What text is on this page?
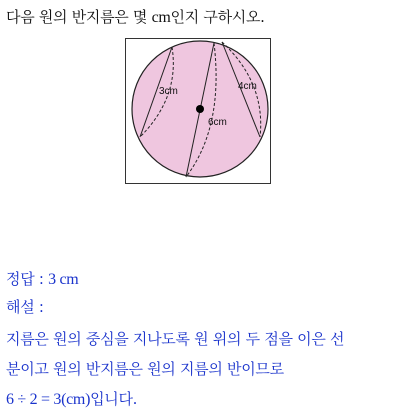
다음 원의 반지름은 몇 cm인지 구하시오.

3cm
6cm
4cm
정답 : 3 cm
해설 :
지름은 원의 중심을 지나도록 원 위의 두 점을 이은 선
분이고 원의 반지름은 원의 지름의 반이므로
6 ÷ 2 = 3(cm)입니다.
